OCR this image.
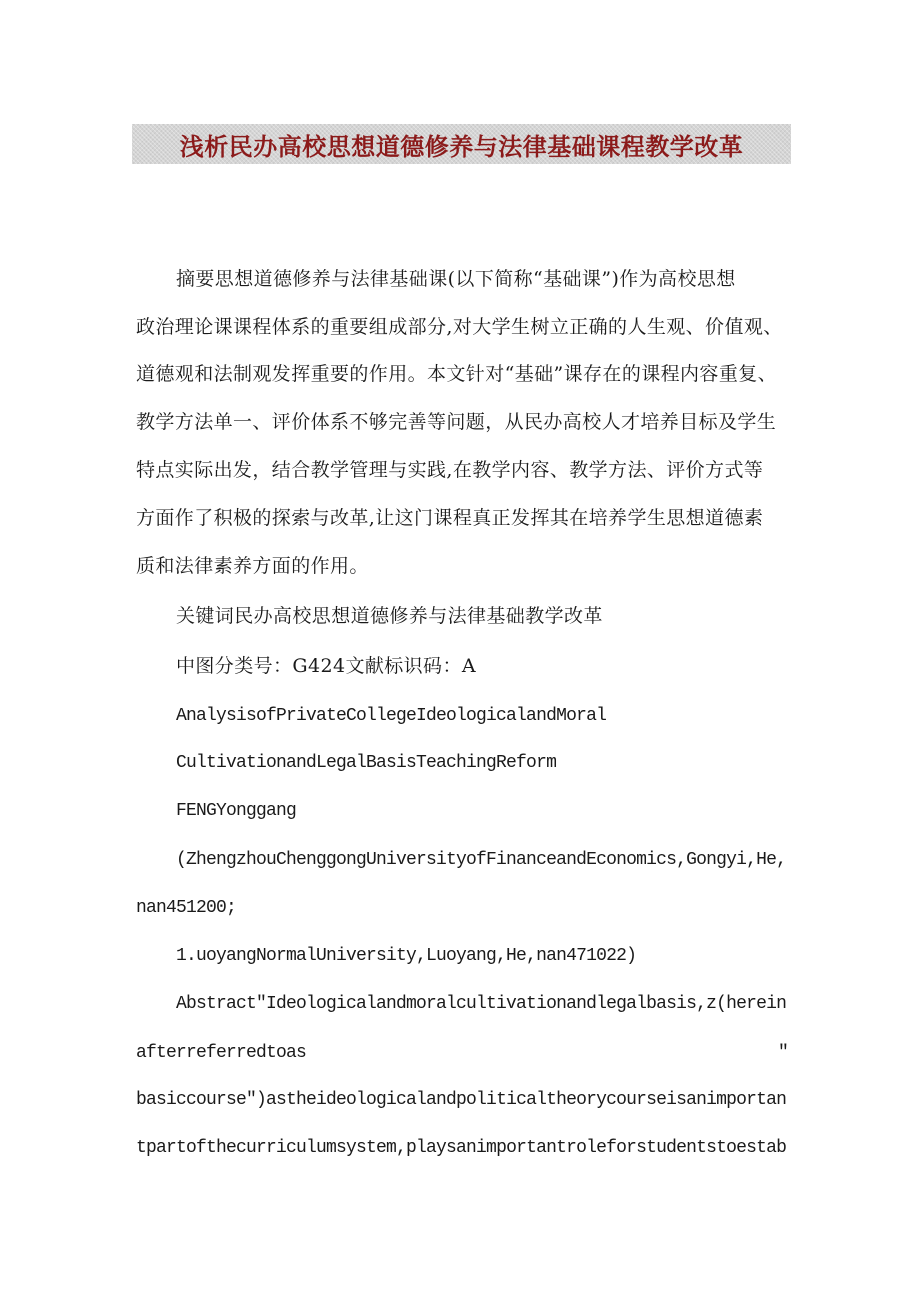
浅析民办高校思想道德修养与法律基础课程教学改革
摘要思想道德修养与法律基础课(以下简称“基础课”)作为高校思想
政治理论课课程体系的重要组成部分,对大学生树立正确的人生观、价值观、
道德观和法制观发挥重要的作用。本文针对“基础”课存在的课程内容重复、
教学方法单一、评价体系不够完善等问题，从民办高校人才培养目标及学生
特点实际出发，结合教学管理与实践,在教学内容、教学方法、评价方式等
方面作了积极的探索与改革,让这门课程真正发挥其在培养学生思想道德素
质和法律素养方面的作用。
关键词民办高校思想道德修养与法律基础教学改革
中图分类号：G424文献标识码：A
AnalysisofPrivateCollegeIdeologicalandMoral
CultivationandLegalBasisTeachingReform
FENGYonggang
(ZhengzhouChenggongUniversityofFinanceandEconomics,Gongyi,He,
nan451200;
1.uoyangNormalUniversity,Luoyang,He,nan471022)
Abstract"Ideologicalandmoralcultivationandlegalbasis,z(herein
afterreferredtoas	"
basiccourse")astheideologicalandpoliticaltheorycourseisanimportan
tpartofthecurriculumsystem,playsanimportantroleforstudentstoestab
